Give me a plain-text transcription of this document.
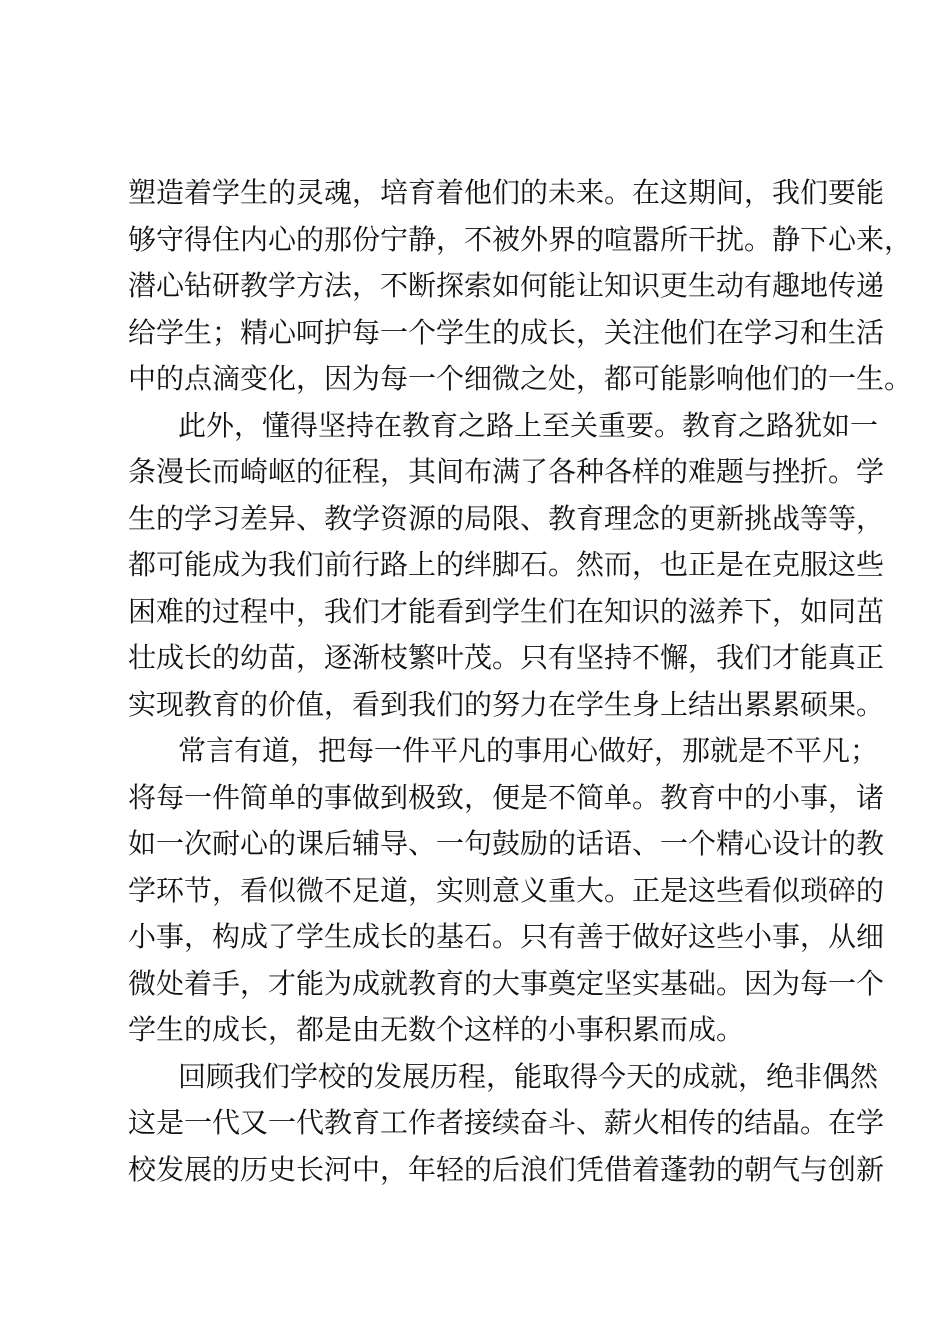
塑造着学生的灵魂，培育着他们的未来。在这期间，我们要能
够守得住内心的那份宁静，不被外界的喧嚣所干扰。静下心来，
潜心钻研教学方法，不断探索如何能让知识更生动有趣地传递
给学生；精心呵护每一个学生的成长，关注他们在学习和生活
中的点滴变化，因为每一个细微之处，都可能影响他们的一生。
此外，懂得坚持在教育之路上至关重要。教育之路犹如一
条漫长而崎岖的征程，其间布满了各种各样的难题与挫折。学
生的学习差异、教学资源的局限、教育理念的更新挑战等等，
都可能成为我们前行路上的绊脚石。然而，也正是在克服这些
困难的过程中，我们才能看到学生们在知识的滋养下，如同茁
壮成长的幼苗，逐渐枝繁叶茂。只有坚持不懈，我们才能真正
实现教育的价值，看到我们的努力在学生身上结出累累硕果。
常言有道，把每一件平凡的事用心做好，那就是不平凡；
将每一件简单的事做到极致，便是不简单。教育中的小事，诸
如一次耐心的课后辅导、一句鼓励的话语、一个精心设计的教
学环节，看似微不足道，实则意义重大。正是这些看似琐碎的
小事，构成了学生成长的基石。只有善于做好这些小事，从细
微处着手，才能为成就教育的大事奠定坚实基础。因为每一个
学生的成长，都是由无数个这样的小事积累而成。
回顾我们学校的发展历程，能取得今天的成就，绝非偶然
这是一代又一代教育工作者接续奋斗、薪火相传的结晶。在学
校发展的历史长河中，年轻的后浪们凭借着蓬勃的朝气与创新
